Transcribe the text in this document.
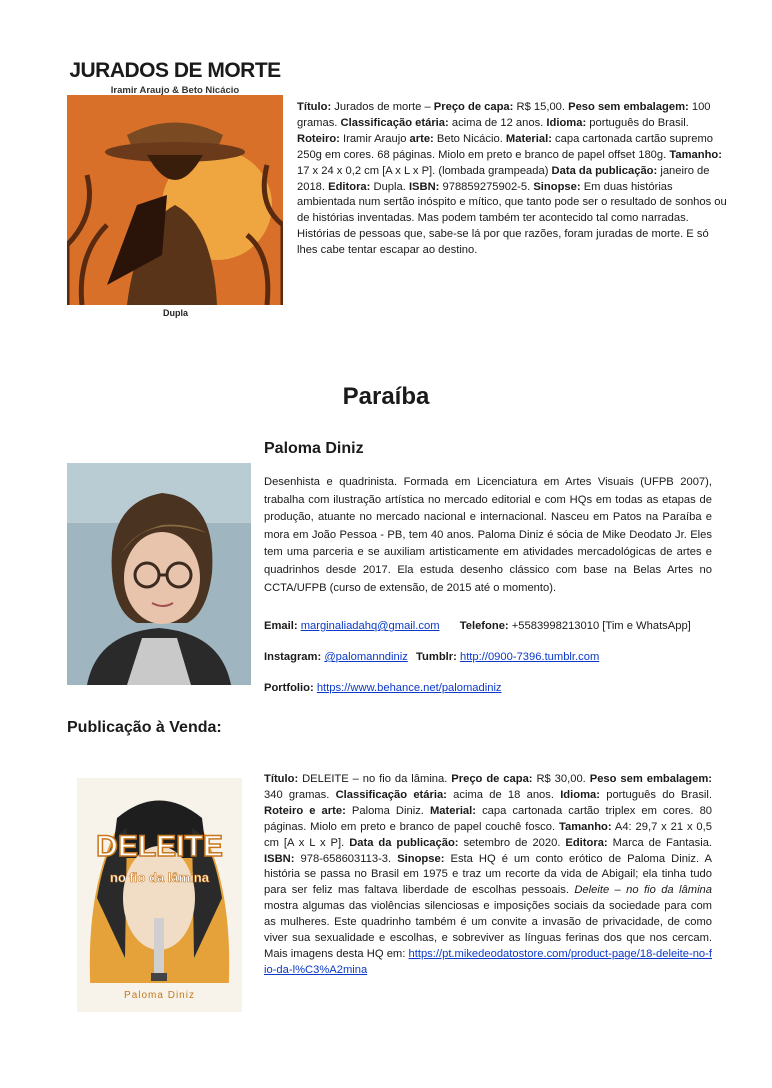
JURADOS DE MORTE
Iramir Araujo & Beto Nicácio
Dupla

Título: Jurados de morte – Preço de capa: R$ 15,00. Peso sem embalagem: 100 gramas. Classificação etária: acima de 12 anos. Idioma: português do Brasil. Roteiro: Iramir Araujo arte: Beto Nicácio. Material: capa cartonada cartão supremo 250g em cores. 68 páginas. Miolo em preto e branco de papel offset 180g. Tamanho: 17 x 24 x 0,2 cm [A x L x P]. (lombada grampeada) Data da publicação: janeiro de 2018. Editora: Dupla. ISBN: 978859275902-5. Sinopse: Em duas histórias ambientada num sertão inóspito e mítico, que tanto pode ser o resultado de sonhos ou de histórias inventadas. Mas podem também ter acontecido tal como narradas. Histórias de pessoas que, sabe-se lá por que razões, foram juradas de morte. E só lhes cabe tentar escapar ao destino.

Paraíba
Paloma Diniz

Desenhista e quadrinista. Formada em Licenciatura em Artes Visuais (UFPB 2007), trabalha com ilustração artística no mercado editorial e com HQs em todas as etapas de produção, atuante no mercado nacional e internacional. Nasceu em Patos na Paraíba e mora em João Pessoa - PB, tem 40 anos. Paloma Diniz é sócia de Mike Deodato Jr. Eles tem uma parceria e se auxiliam artisticamente em atividades mercadológicas de artes e quadrinhos desde 2017. Ela estuda desenho clássico com base na Belas Artes no CCTA/UFPB (curso de extensão, de 2015 até o momento).

Email: marginaliadahq@gmail.com Telefone: +5583998213010 [Tim e WhatsApp]

Instagram: @palomanndiniz Tumblr: http://0900-7396.tumblr.com

Portfolio: https://www.behance.net/palomadiniz

Publicação à Venda:
DELEITE
no fio da lâmina
Paloma Diniz

Título: DELEITE – no fio da lâmina. Preço de capa: R$ 30,00. Peso sem embalagem: 340 gramas. Classificação etária: acima de 18 anos. Idioma: português do Brasil. Roteiro e arte: Paloma Diniz. Material: capa cartonada cartão triplex em cores. 80 páginas. Miolo em preto e branco de papel couchê fosco. Tamanho: A4: 29,7 x 21 x 0,5 cm [A x L x P]. Data da publicação: setembro de 2020. Editora: Marca de Fantasia. ISBN: 978-658603113-3. Sinopse: Esta HQ é um conto erótico de Paloma Diniz. A história se passa no Brasil em 1975 e traz um recorte da vida de Abigail; ela tinha tudo para ser feliz mas faltava liberdade de escolhas pessoais. Deleite – no fio da lâmina mostra algumas das violências silenciosas e imposições sociais da sociedade para com as mulheres. Este quadrinho também é um convite a invasão de privacidade, de como viver sua sexualidade e escolhas, e sobreviver as línguas ferinas dos que nos cercam. Mais imagens desta HQ em: https://pt.mikedeodatostore.com/product-page/18-deleite-no-fio-da-l%C3%A2mina
